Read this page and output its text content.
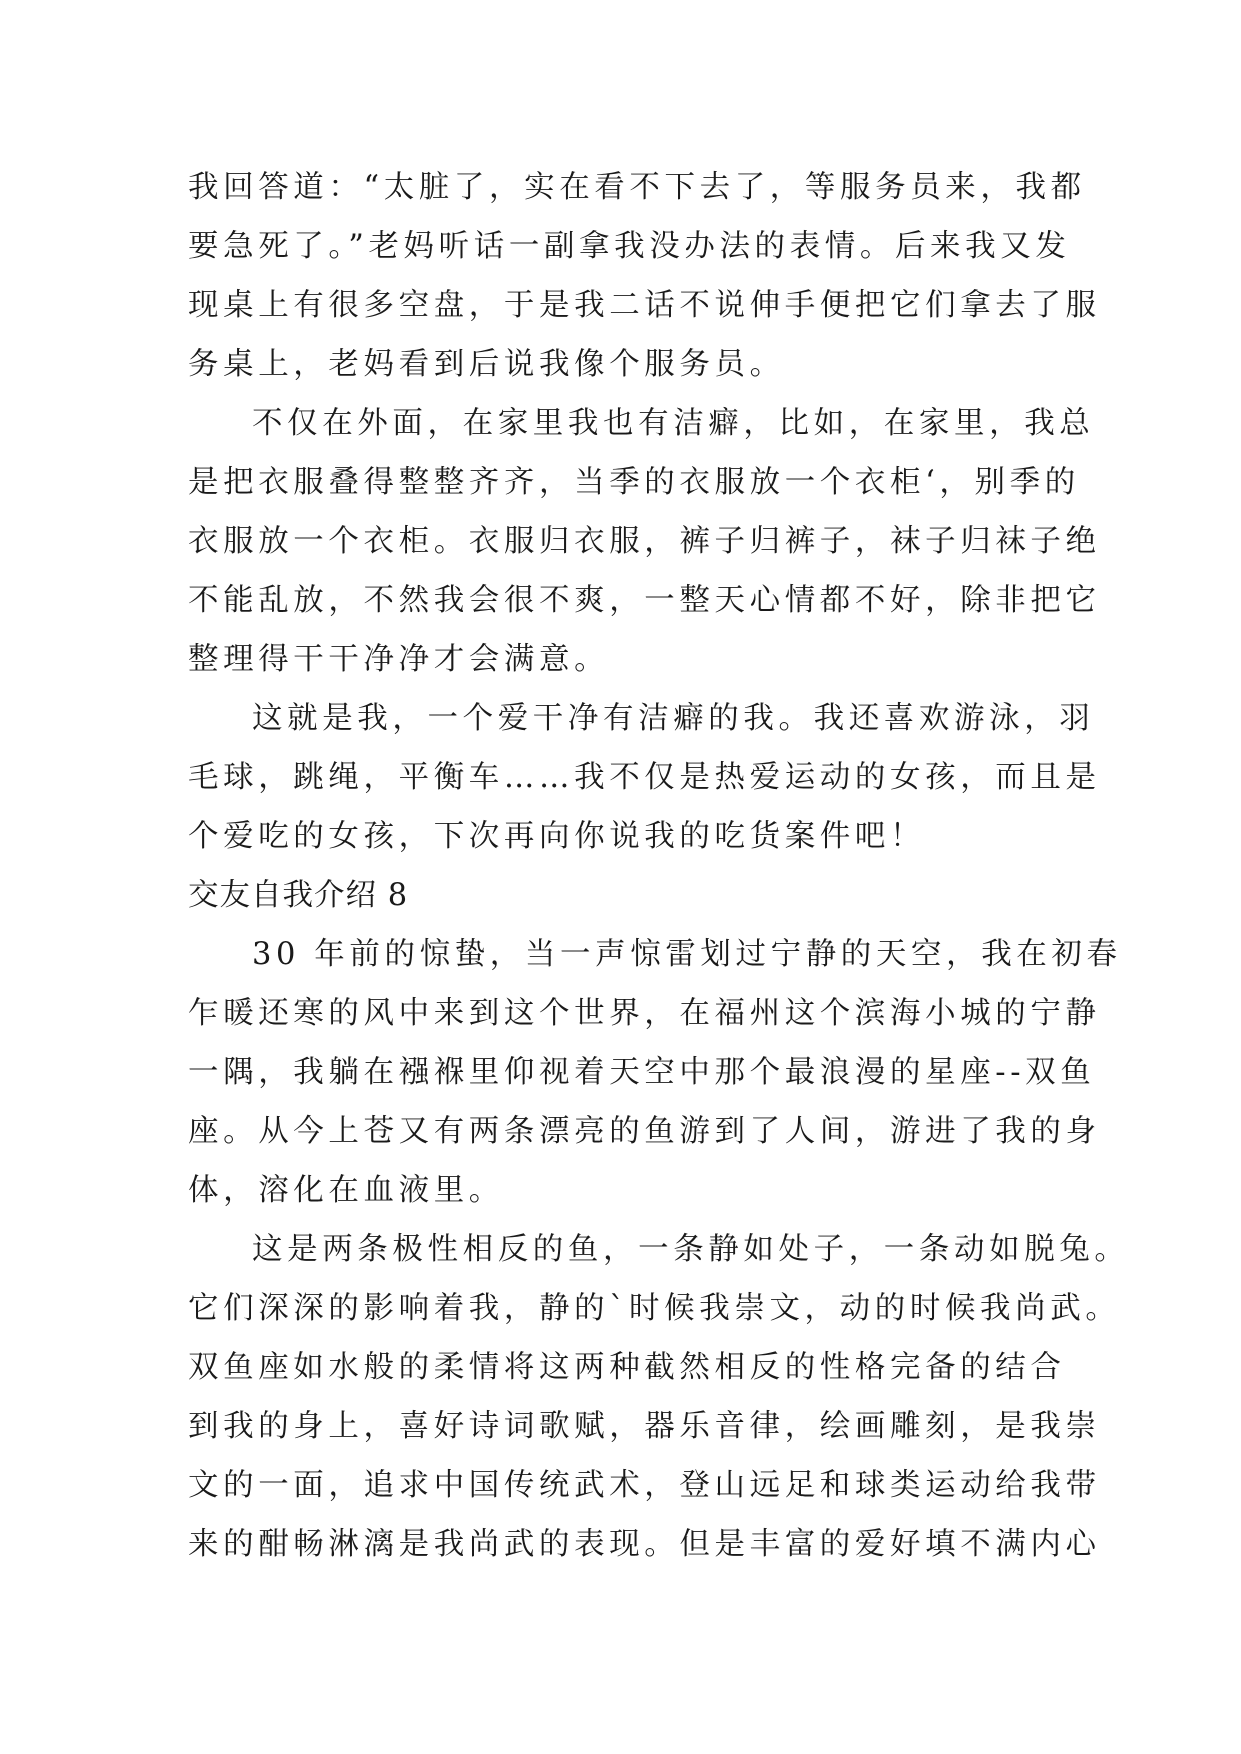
我回答道：“太脏了，实在看不下去了，等服务员来，我都
要急死了。”老妈听话一副拿我没办法的表情。后来我又发
现桌上有很多空盘，于是我二话不说伸手便把它们拿去了服
务桌上，老妈看到后说我像个服务员。
不仅在外面，在家里我也有洁癖，比如，在家里，我总
是把衣服叠得整整齐齐，当季的衣服放一个衣柜‘，别季的
衣服放一个衣柜。衣服归衣服，裤子归裤子，袜子归袜子绝
不能乱放，不然我会很不爽，一整天心情都不好，除非把它
整理得干干净净才会满意。
这就是我，一个爱干净有洁癖的我。我还喜欢游泳，羽
毛球，跳绳，平衡车……我不仅是热爱运动的女孩，而且是
个爱吃的女孩，下次再向你说我的吃货案件吧！
交友自我介绍 8
30 年前的惊蛰，当一声惊雷划过宁静的天空，我在初春
乍暖还寒的风中来到这个世界，在福州这个滨海小城的宁静
一隅，我躺在襁褓里仰视着天空中那个最浪漫的星座--双鱼
座。从今上苍又有两条漂亮的鱼游到了人间，游进了我的身
体，溶化在血液里。
这是两条极性相反的鱼，一条静如处子，一条动如脱兔。
它们深深的影响着我，静的`时候我崇文，动的时候我尚武。
双鱼座如水般的柔情将这两种截然相反的性格完备的结合
到我的身上，喜好诗词歌赋，器乐音律，绘画雕刻，是我崇
文的一面，追求中国传统武术，登山远足和球类运动给我带
来的酣畅淋漓是我尚武的表现。但是丰富的爱好填不满内心
